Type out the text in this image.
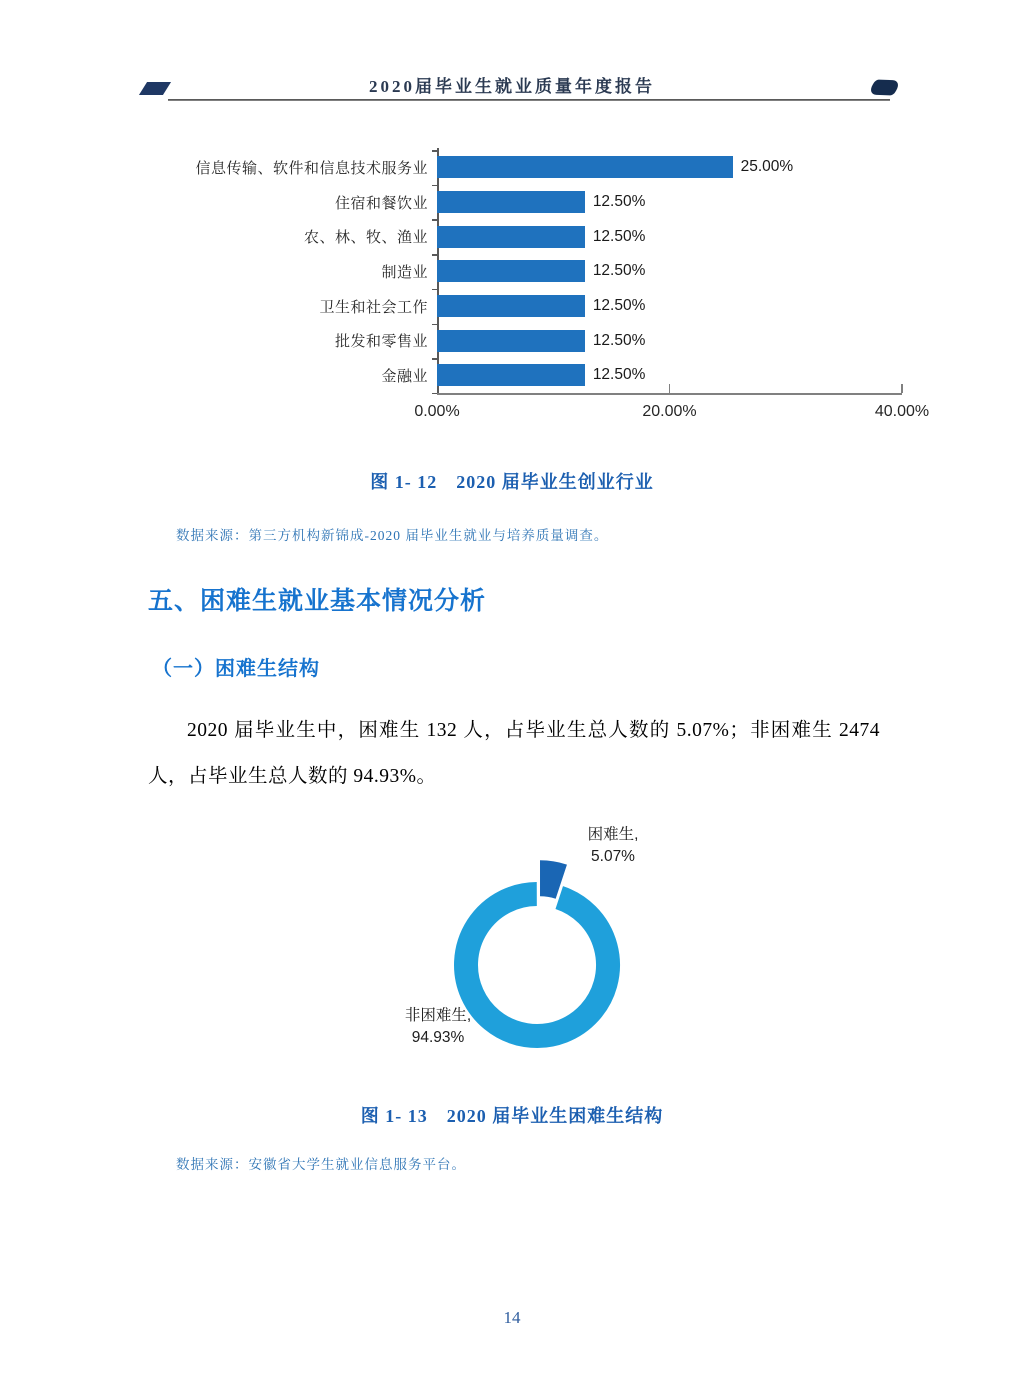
2020届毕业生就业质量年度报告
信息传输、软件和信息技术服务业	25.00%
住宿和餐饮业	12.50%
农、林、牧、渔业	12.50%
制造业	12.50%
卫生和社会工作	12.50%
批发和零售业	12.50%
金融业	12.50%
0.00%	20.00%	40.00%
图 1- 12　2020 届毕业生创业行业
数据来源：第三方机构新锦成-2020 届毕业生就业与培养质量调查。
五、困难生就业基本情况分析
（一）困难生结构

2020 届毕业生中，困难生 132 人，占毕业生总人数的 5.07%；非困难生 2474 人，占毕业生总人数的 94.93%。

困难生,
5.07%
非困难生,
94.93%
图 1- 13　2020 届毕业生困难生结构
数据来源：安徽省大学生就业信息服务平台。
14
